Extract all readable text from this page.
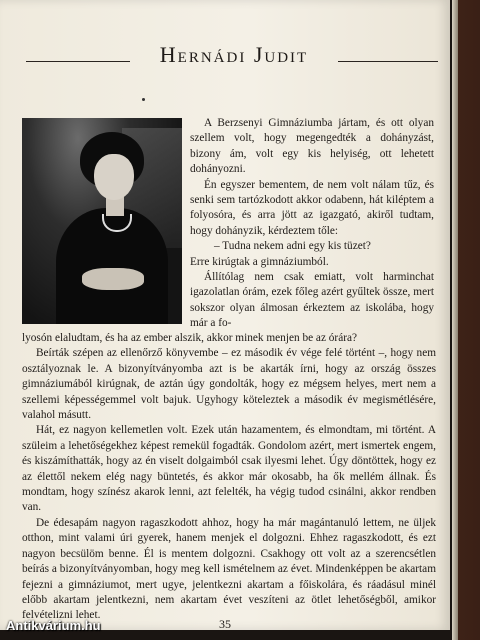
Hernádi Judit

A Berzsenyi Gimnáziumba jártam, és ott olyan szellem volt, hogy megengedték a dohányzást, bizony ám, volt egy kis helyiség, ott lehetett dohányozni.

Én egyszer bementem, de nem volt nálam tűz, és senki sem tartózkodott akkor odabenn, hát kiléptem a folyosóra, és arra jött az igazgató, akiről tudtam, hogy dohányzik, kérdeztem tőle:

– Tudna nekem adni egy kis tüzet?

Erre kirúgtak a gimnáziumból.

Állítólag nem csak emiatt, volt harminchat igazolatlan órám, ezek főleg azért gyűltek össze, mert sokszor olyan álmosan érkeztem az iskolába, hogy már a fo-

lyosón elaludtam, és ha az ember alszik, akkor minek menjen be az órára?

Beírták szépen az ellenőrző könyvembe – ez második év vége felé történt –, hogy nem osztályoznak le. A bizonyítványomba azt is be akarták írni, hogy az ország összes gimnáziumából kirúgnak, de aztán úgy gondolták, hogy ez mégsem helyes, mert nem a szellemi képességemmel volt bajuk. Ugyhogy köteleztek a második év megismétlésére, valahol másutt.

Hát, ez nagyon kellemetlen volt. Ezek után hazamentem, és elmondtam, mi történt. A szüleim a lehetőségekhez képest remekül fogadták. Gondolom azért, mert ismertek engem, és kiszámíthatták, hogy az én viselt dolgaimból csak ilyesmi lehet. Úgy döntöttek, hogy ez az élettől nekem elég nagy büntetés, és akkor már okosabb, ha ők mellém állnak. És mondtam, hogy színész akarok lenni, azt felelték, ha végig tudod csinálni, akkor rendben van.

De édesapám nagyon ragaszkodott ahhoz, hogy ha már magántanuló lettem, ne üljek otthon, mint valami úri gyerek, hanem menjek el dolgozni. Ehhez ragaszkodott, és ezt nagyon becsülöm benne. Él is mentem dolgozni. Csakhogy ott volt az a szerencsétlen beírás a bizonyítványomban, hogy meg kell ismételnem az évet. Mindenképpen be akartam fejezni a gimnáziumot, mert ugye, jelentkezni akartam a főiskolára, és ráadásul minél előbb akartam jelentkezni, nem akartam évet veszíteni az ötlet lehetőségből, amikor felvételizni lehet.

35
Antikvárium.hu
